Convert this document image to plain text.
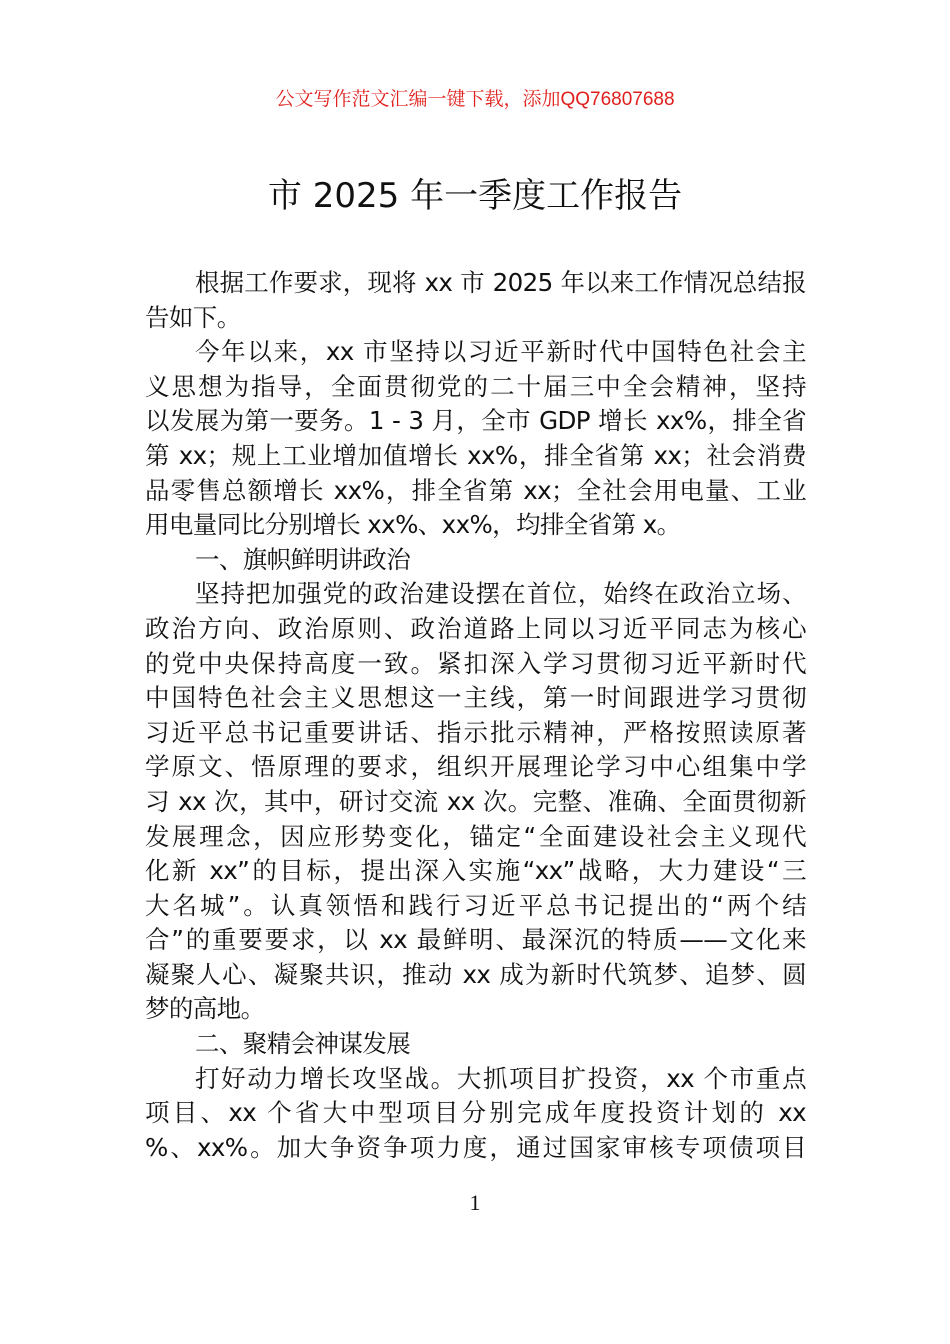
公文写作范文汇编一键下载，添加QQ76807688
市 2025 年一季度工作报告
根据工作要求，现将 xx 市 2025 年以来工作情况总结报
告如下。
今年以来，xx 市坚持以习近平新时代中国特色社会主
义思想为指导，全面贯彻党的二十届三中全会精神，坚持
以发展为第一要务。1 - 3 月，全市 GDP 增长 xx%，排全省
第 xx；规上工业增加值增长 xx%，排全省第 xx；社会消费
品零售总额增长 xx%，排全省第 xx；全社会用电量、工业
用电量同比分别增长 xx%、xx%，均排全省第 x。
一、旗帜鲜明讲政治
坚持把加强党的政治建设摆在首位，始终在政治立场、
政治方向、政治原则、政治道路上同以习近平同志为核心
的党中央保持高度一致。紧扣深入学习贯彻习近平新时代
中国特色社会主义思想这一主线，第一时间跟进学习贯彻
习近平总书记重要讲话、指示批示精神，严格按照读原著
学原文、悟原理的要求，组织开展理论学习中心组集中学
习 xx 次，其中，研讨交流 xx 次。完整、准确、全面贯彻新
发展理念，因应形势变化，锚定“全面建设社会主义现代
化新 xx”的目标，提出深入实施“xx”战略，大力建设“三
大名城”。认真领悟和践行习近平总书记提出的“两个结
合”的重要要求，以 xx 最鲜明、最深沉的特质——文化来
凝聚人心、凝聚共识，推动 xx 成为新时代筑梦、追梦、圆
梦的高地。
二、聚精会神谋发展
打好动力增长攻坚战。大抓项目扩投资，xx 个市重点
项目、xx 个省大中型项目分别完成年度投资计划的 xx
%、xx%。加大争资争项力度，通过国家审核专项债项目
1
